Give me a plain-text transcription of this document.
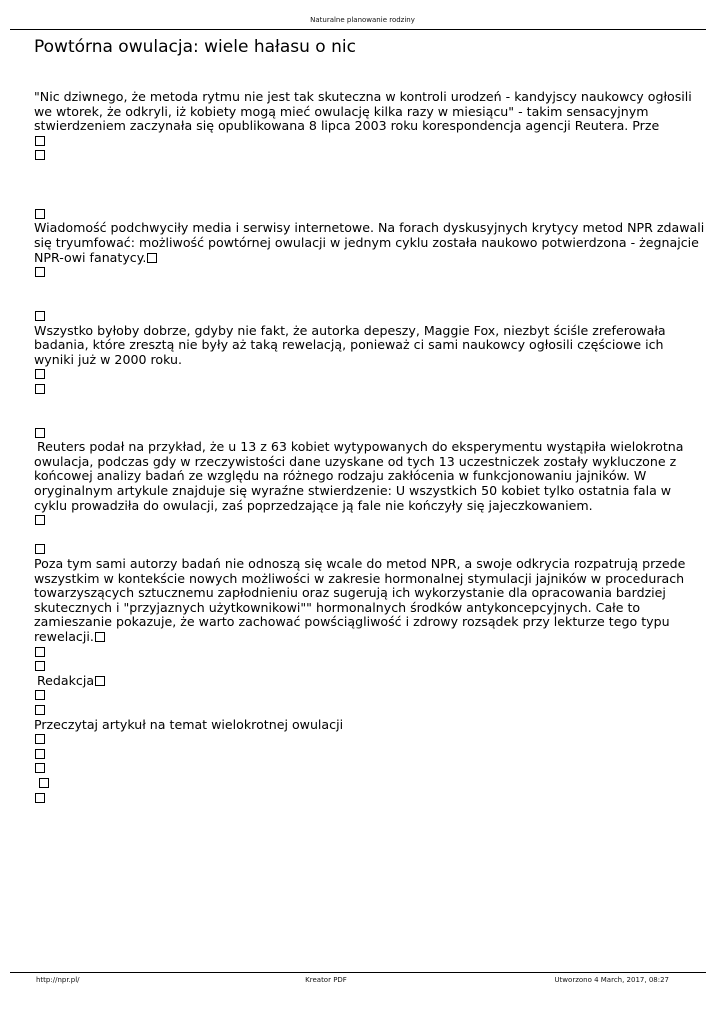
Naturalne planowanie rodziny
Powtórna owulacja: wiele hałasu o nic
"Nic dziwnego, że metoda rytmu nie jest tak skuteczna w kontroli urodzeń - kandyjscy naukowcy ogłosili
we wtorek, że odkryli, iż kobiety mogą mieć owulację kilka razy w miesiącu" - takim sensacyjnym
stwierdzeniem zaczynała się opublikowana 8 lipca 2003 roku korespondencja agencji Reutera. Prze
Wiadomość podchwyciły media i serwisy internetowe. Na forach dyskusyjnych krytycy metod NPR zdawali
się tryumfować: możliwość powtórnej owulacji w jednym cyklu została naukowo potwierdzona - żegnajcie
NPR-owi fanatycy.
Wszystko byłoby dobrze, gdyby nie fakt, że autorka depeszy, Maggie Fox, niezbyt ściśle zreferowała
badania, które zresztą nie były aż taką rewelacją, ponieważ ci sami naukowcy ogłosili częściowe ich
wyniki już w 2000 roku.
Reuters podał na przykład, że u 13 z 63 kobiet wytypowanych do eksperymentu wystąpiła wielokrotna
owulacja, podczas gdy w rzeczywistości dane uzyskane od tych 13 uczestniczek zostały wykluczone z
końcowej analizy badań ze względu na różnego rodzaju zakłócenia w funkcjonowaniu jajników. W
oryginalnym artykule znajduje się wyraźne stwierdzenie: U wszystkich 50 kobiet tylko ostatnia fala w
cyklu prowadziła do owulacji, zaś poprzedzające ją fale nie kończyły się jajeczkowaniem.
Poza tym sami autorzy badań nie odnoszą się wcale do metod NPR, a swoje odkrycia rozpatrują przede
wszystkim w kontekście nowych możliwości w zakresie hormonalnej stymulacji jajników w procedurach
towarzyszących sztucznemu zapłodnieniu oraz sugerują ich wykorzystanie dla opracowania bardziej
skutecznych i "przyjaznych użytkownikowi"" hormonalnych środków antykoncepcyjnych. Całe to
zamieszanie pokazuje, że warto zachować powściągliwość i zdrowy rozsądek przy lekturze tego typu
rewelacji.
Redakcja
Przeczytaj artykuł na temat wielokrotnej owulacji
http://npr.pl/	Kreator PDF	Utworzono 4 March, 2017, 08:27
